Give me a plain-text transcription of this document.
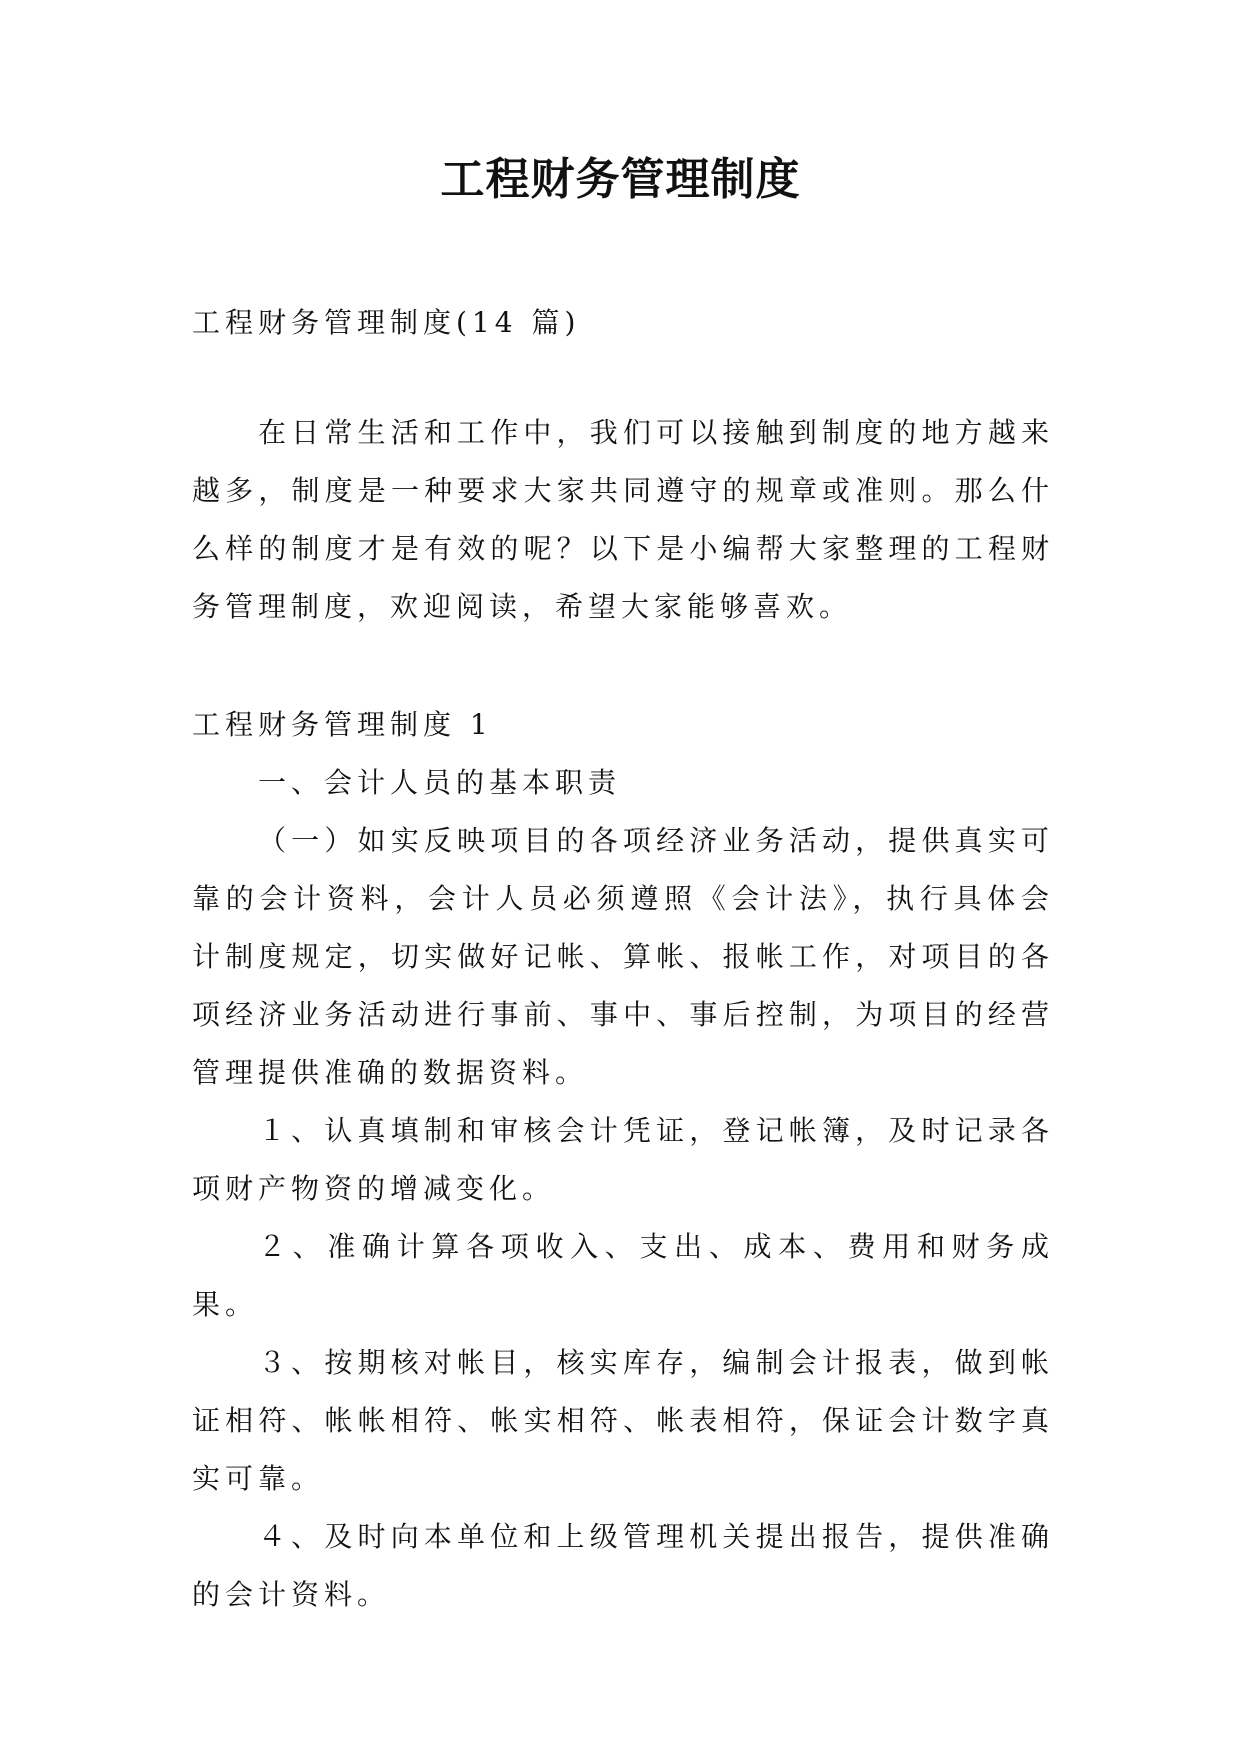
工程财务管理制度

工程财务管理制度(14 篇)

在日常生活和工作中，我们可以接触到制度的地方越来越多，制度是一种要求大家共同遵守的规章或准则。那么什么样的制度才是有效的呢？以下是小编帮大家整理的工程财务管理制度，欢迎阅读，希望大家能够喜欢。

工程财务管理制度 1

一、会计人员的基本职责

（一）如实反映项目的各项经济业务活动，提供真实可靠的会计资料，会计人员必须遵照《会计法》，执行具体会计制度规定，切实做好记帐、算帐、报帐工作，对项目的各项经济业务活动进行事前、事中、事后控制，为项目的经营管理提供准确的数据资料。

１、认真填制和审核会计凭证，登记帐簿，及时记录各项财产物资的增减变化。

２、准确计算各项收入、支出、成本、费用和财务成果。

３、按期核对帐目，核实库存，编制会计报表，做到帐证相符、帐帐相符、帐实相符、帐表相符，保证会计数字真实可靠。

４、及时向本单位和上级管理机关提出报告，提供准确的会计资料。
